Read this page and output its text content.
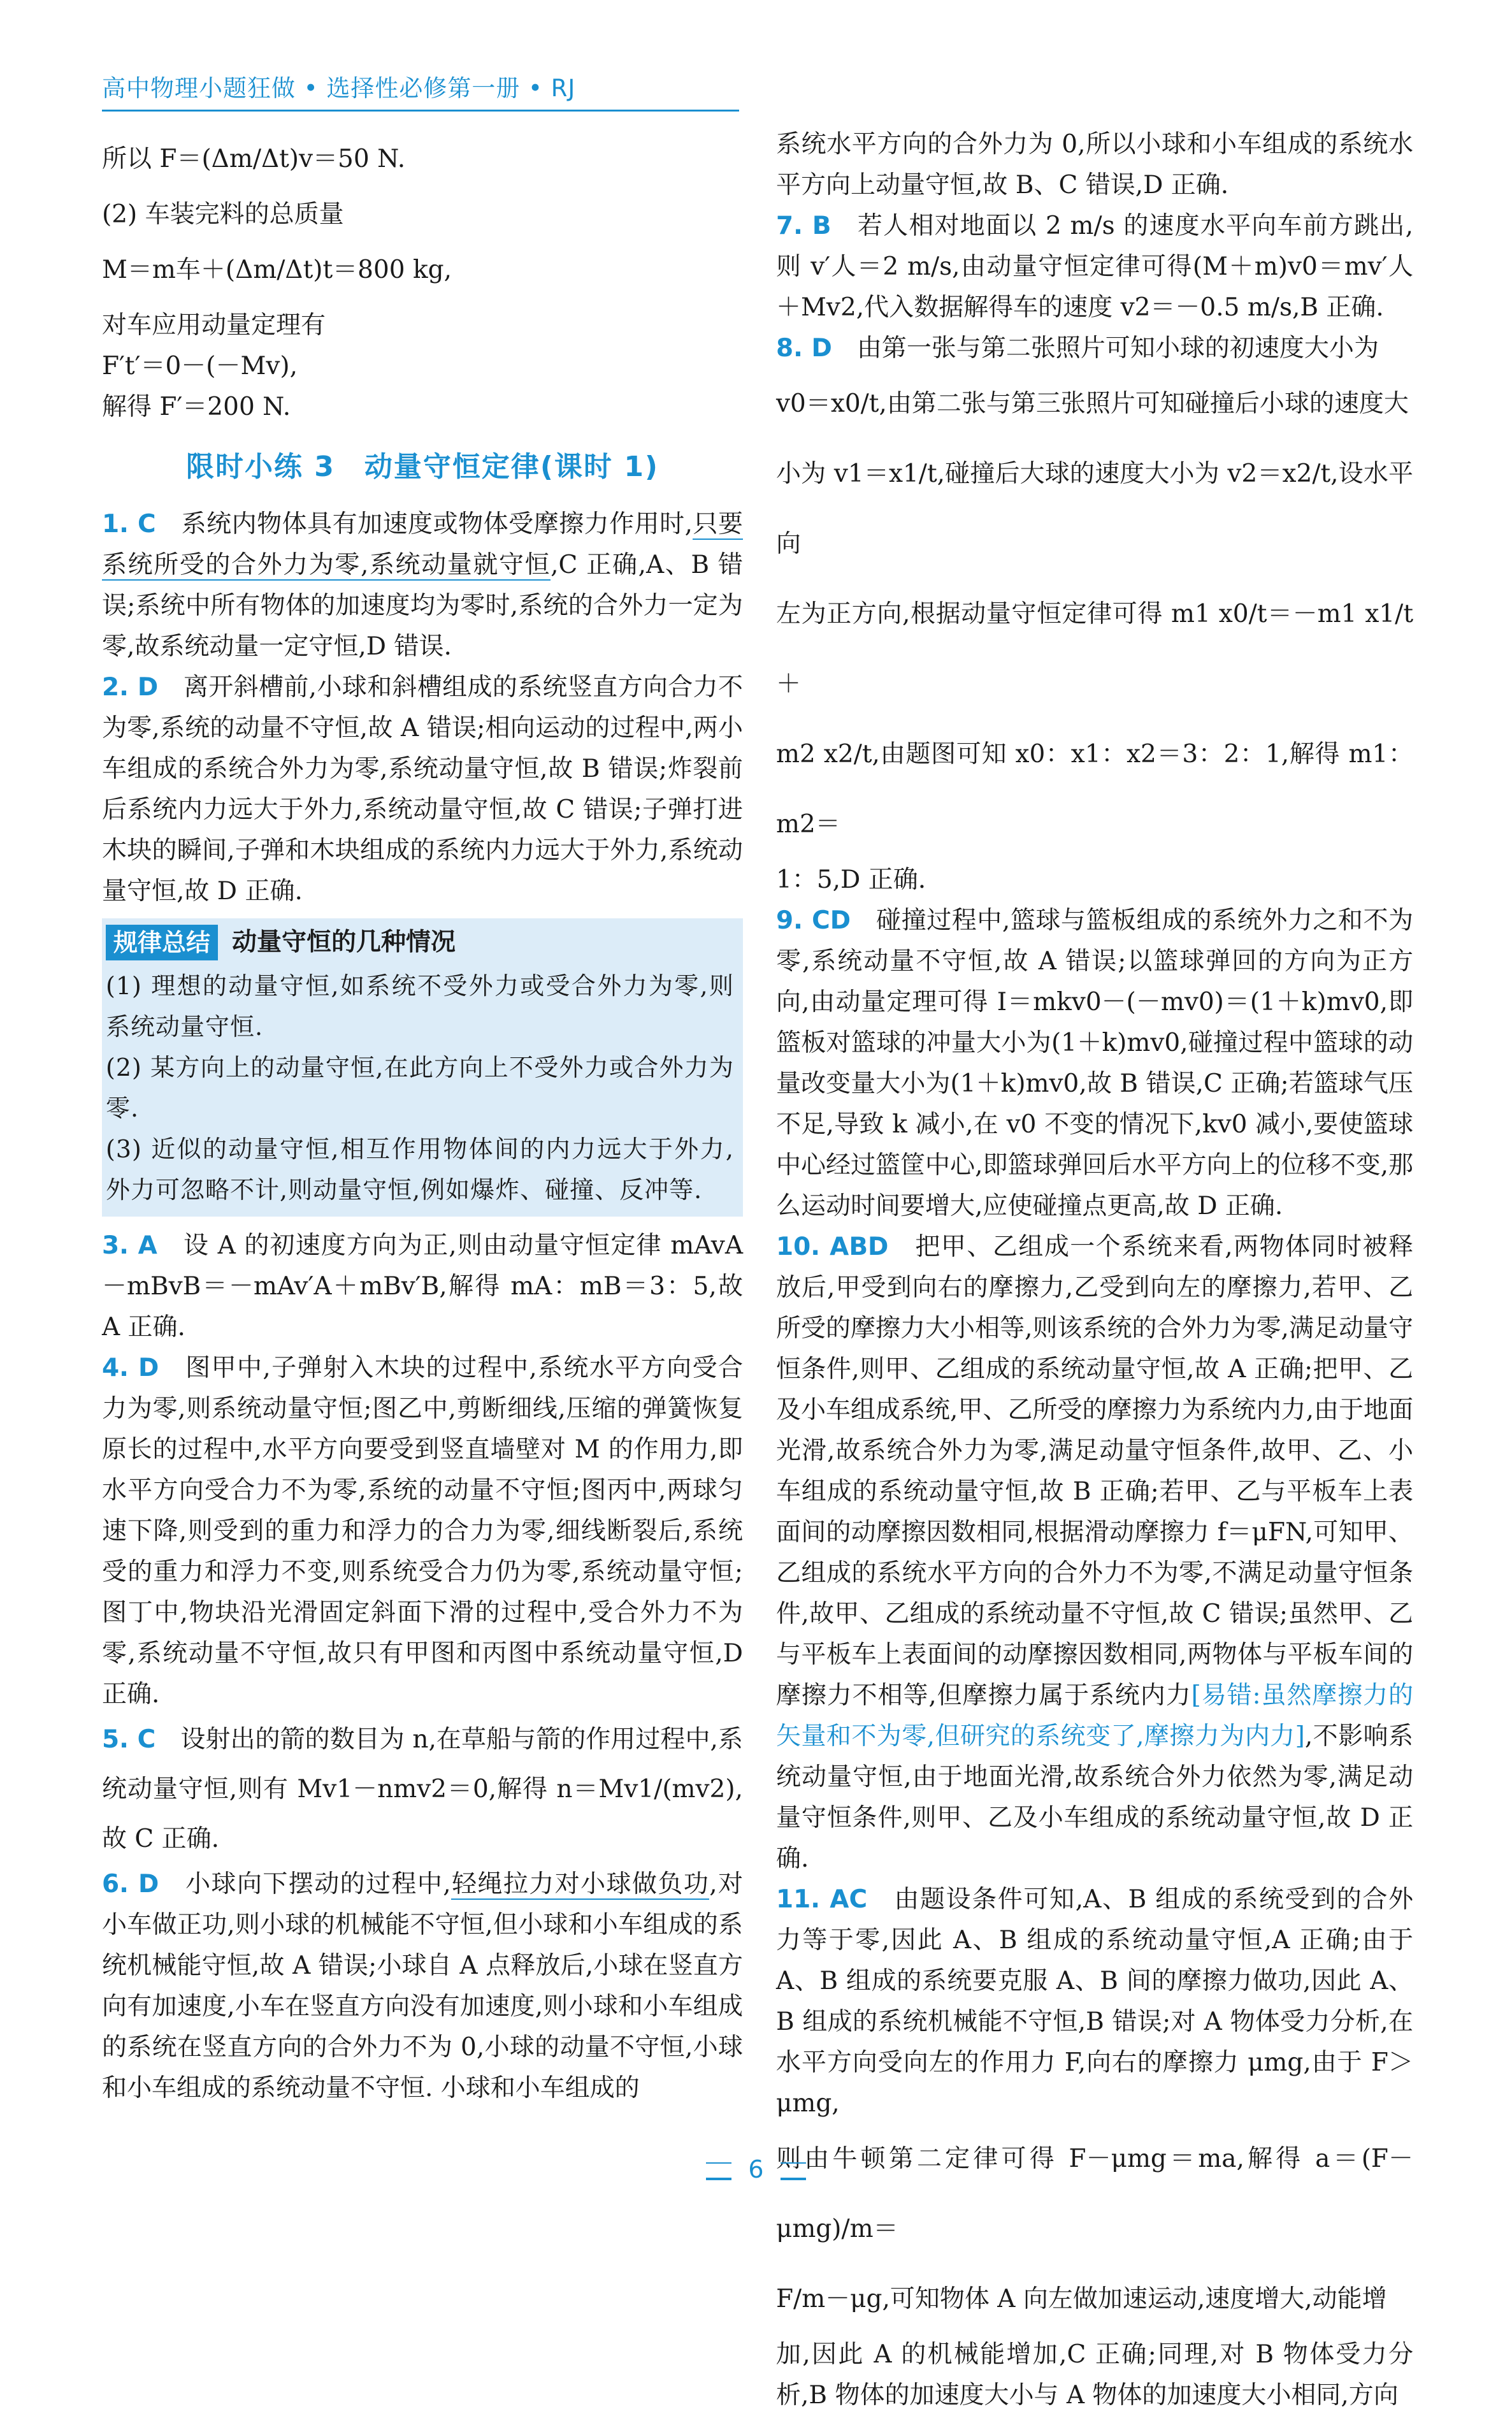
高中物理小题狂做 • 选择性必修第一册 • RJ

所以 F＝(Δm/Δt)v＝50 N.

(2) 车装完料的总质量

M＝m车＋(Δm/Δt)t＝800 kg,

对车应用动量定理有

F′t′＝0－(－Mv),

解得 F′＝200 N.

限时小练 3　动量守恒定律(课时 1)

1. C　系统内物体具有加速度或物体受摩擦力作用时,只要系统所受的合外力为零,系统动量就守恒,C 正确,A、B 错误;系统中所有物体的加速度均为零时,系统的合外力一定为零,故系统动量一定守恒,D 错误.

2. D　离开斜槽前,小球和斜槽组成的系统竖直方向合力不为零,系统的动量不守恒,故 A 错误;相向运动的过程中,两小车组成的系统合外力为零,系统动量守恒,故 B 错误;炸裂前后系统内力远大于外力,系统动量守恒,故 C 错误;子弹打进木块的瞬间,子弹和木块组成的系统内力远大于外力,系统动量守恒,故 D 正确.

规律总结 动量守恒的几种情况

(1) 理想的动量守恒,如系统不受外力或受合外力为零,则系统动量守恒.

(2) 某方向上的动量守恒,在此方向上不受外力或合外力为零.

(3) 近似的动量守恒,相互作用物体间的内力远大于外力,外力可忽略不计,则动量守恒,例如爆炸、碰撞、反冲等.

3. A　设 A 的初速度方向为正,则由动量守恒定律 mAvA－mBvB＝－mAv′A＋mBv′B,解得 mA：mB＝3：5,故 A 正确.

4. D　图甲中,子弹射入木块的过程中,系统水平方向受合力为零,则系统动量守恒;图乙中,剪断细线,压缩的弹簧恢复原长的过程中,水平方向要受到竖直墙壁对 M 的作用力,即水平方向受合力不为零,系统的动量不守恒;图丙中,两球匀速下降,则受到的重力和浮力的合力为零,细线断裂后,系统受的重力和浮力不变,则系统受合力仍为零,系统动量守恒;图丁中,物块沿光滑固定斜面下滑的过程中,受合外力不为零,系统动量不守恒,故只有甲图和丙图中系统动量守恒,D 正确.

5. C　设射出的箭的数目为 n,在草船与箭的作用过程中,系统动量守恒,则有 Mv1－nmv2＝0,解得 n＝Mv1/(mv2),故 C 正确.

6. D　小球向下摆动的过程中,轻绳拉力对小球做负功,对小车做正功,则小球的机械能不守恒,但小球和小车组成的系统机械能守恒,故 A 错误;小球自 A 点释放后,小球在竖直方向有加速度,小车在竖直方向没有加速度,则小球和小车组成的系统在竖直方向的合外力不为 0,小球的动量不守恒,小球和小车组成的系统动量不守恒. 小球和小车组成的

系统水平方向的合外力为 0,所以小球和小车组成的系统水平方向上动量守恒,故 B、C 错误,D 正确.

7. B　若人相对地面以 2 m/s 的速度水平向车前方跳出,则 v′人＝2 m/s,由动量守恒定律可得(M＋m)v0＝mv′人＋Mv2,代入数据解得车的速度 v2＝－0.5 m/s,B 正确.

8. D　由第一张与第二张照片可知小球的初速度大小为

v0＝x0/t,由第二张与第三张照片可知碰撞后小球的速度大

小为 v1＝x1/t,碰撞后大球的速度大小为 v2＝x2/t,设水平向

左为正方向,根据动量守恒定律可得 m1 x0/t＝－m1 x1/t＋

m2 x2/t,由题图可知 x0：x1：x2＝3：2：1,解得 m1：m2＝

1：5,D 正确.

9. CD　碰撞过程中,篮球与篮板组成的系统外力之和不为零,系统动量不守恒,故 A 错误;以篮球弹回的方向为正方向,由动量定理可得 I＝mkv0－(－mv0)＝(1＋k)mv0,即篮板对篮球的冲量大小为(1＋k)mv0,碰撞过程中篮球的动量改变量大小为(1＋k)mv0,故 B 错误,C 正确;若篮球气压不足,导致 k 减小,在 v0 不变的情况下,kv0 减小,要使篮球中心经过篮筐中心,即篮球弹回后水平方向上的位移不变,那么运动时间要增大,应使碰撞点更高,故 D 正确.

10. ABD　把甲、乙组成一个系统来看,两物体同时被释放后,甲受到向右的摩擦力,乙受到向左的摩擦力,若甲、乙所受的摩擦力大小相等,则该系统的合外力为零,满足动量守恒条件,则甲、乙组成的系统动量守恒,故 A 正确;把甲、乙及小车组成系统,甲、乙所受的摩擦力为系统内力,由于地面光滑,故系统合外力为零,满足动量守恒条件,故甲、乙、小车组成的系统动量守恒,故 B 正确;若甲、乙与平板车上表面间的动摩擦因数相同,根据滑动摩擦力 f＝μFN,可知甲、乙组成的系统水平方向的合外力不为零,不满足动量守恒条件,故甲、乙组成的系统动量不守恒,故 C 错误;虽然甲、乙与平板车上表面间的动摩擦因数相同,两物体与平板车间的摩擦力不相等,但摩擦力属于系统内力[易错:虽然摩擦力的矢量和不为零,但研究的系统变了,摩擦力为内力],不影响系统动量守恒,由于地面光滑,故系统合外力依然为零,满足动量守恒条件,则甲、乙及小车组成的系统动量守恒,故 D 正确.

11. AC　由题设条件可知,A、B 组成的系统受到的合外力等于零,因此 A、B 组成的系统动量守恒,A 正确;由于 A、B 组成的系统要克服 A、B 间的摩擦力做功,因此 A、B 组成的系统机械能不守恒,B 错误;对 A 物体受力分析,在水平方向受向左的作用力 F,向右的摩擦力 μmg,由于 F＞μmg,

则由牛顿第二定律可得 F－μmg＝ma,解得 a＝(F－μmg)/m＝

F/m－μg,可知物体 A 向左做加速运动,速度增大,动能增

加,因此 A 的机械能增加,C 正确;同理,对 B 物体受力分析,B 物体的加速度大小与 A 物体的加速度大小相同,方向

6
